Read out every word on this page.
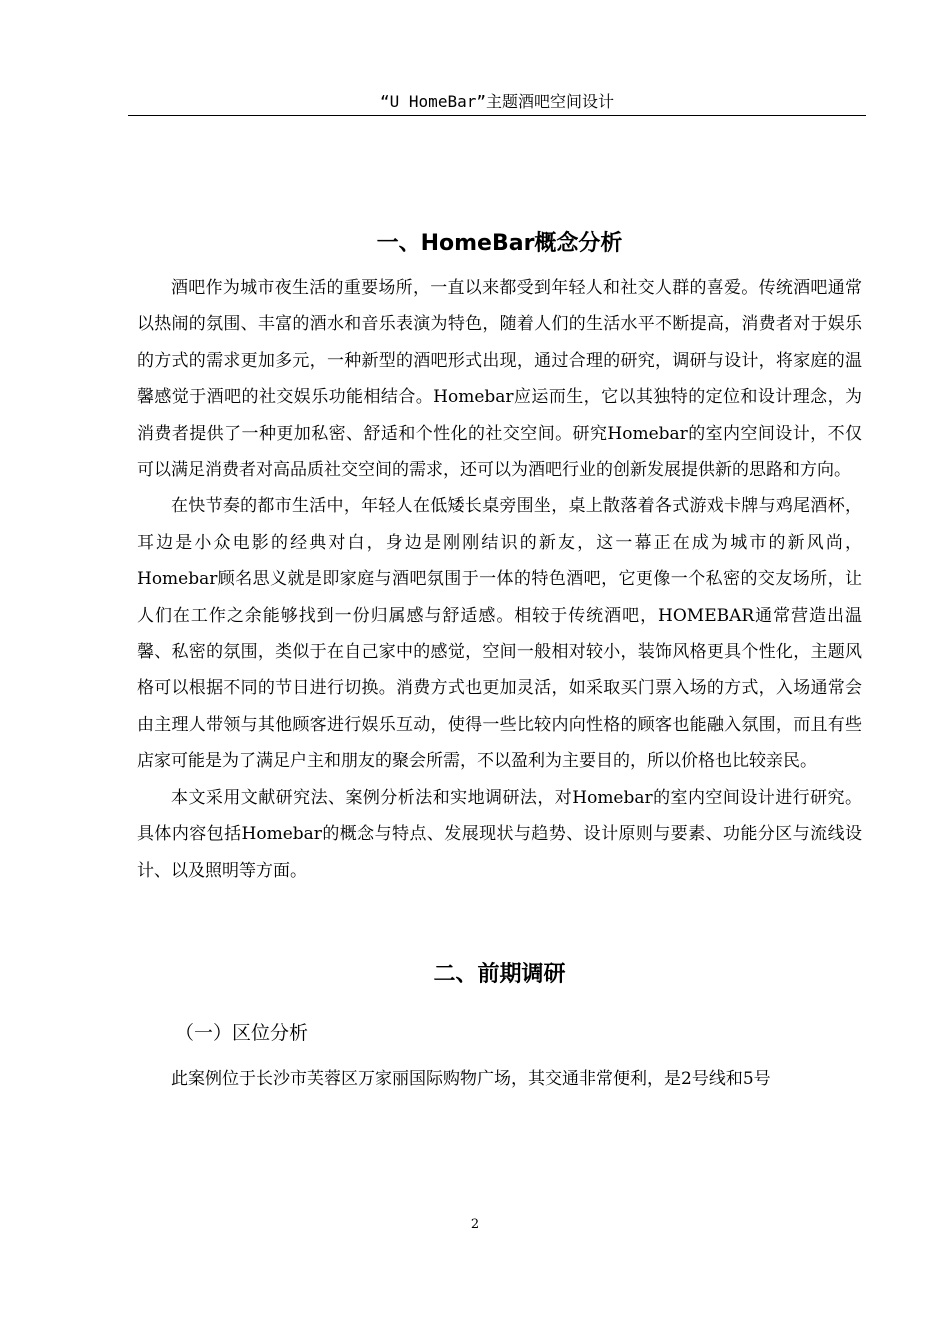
“U HomeBar”主题酒吧空间设计
一、HomeBar概念分析

酒吧作为城市夜生活的重要场所，一直以来都受到年轻人和社交人群的喜爱。传统酒吧通常以热闹的氛围、丰富的酒水和音乐表演为特色，随着人们的生活水平不断提高，消费者对于娱乐的方式的需求更加多元，一种新型的酒吧形式出现，通过合理的研究，调研与设计，将家庭的温馨感觉于酒吧的社交娱乐功能相结合。Homebar应运而生，它以其独特的定位和设计理念，为消费者提供了一种更加私密、舒适和个性化的社交空间。研究Homebar的室内空间设计，不仅可以满足消费者对高品质社交空间的需求，还可以为酒吧行业的创新发展提供新的思路和方向。

在快节奏的都市生活中，年轻人在低矮长桌旁围坐，桌上散落着各式游戏卡牌与鸡尾酒杯，耳边是小众电影的经典对白，身边是刚刚结识的新友，这一幕正在成为城市的新风尚，Homebar顾名思义就是即家庭与酒吧氛围于一体的特色酒吧，它更像一个私密的交友场所，让人们在工作之余能够找到一份归属感与舒适感。相较于传统酒吧，HOMEBAR通常营造出温馨、私密的氛围，类似于在自己家中的感觉，空间一般相对较小，装饰风格更具个性化，主题风格可以根据不同的节日进行切换。消费方式也更加灵活，如采取买门票入场的方式，入场通常会由主理人带领与其他顾客进行娱乐互动，使得一些比较内向性格的顾客也能融入氛围，而且有些店家可能是为了满足户主和朋友的聚会所需，不以盈利为主要目的，所以价格也比较亲民。

本文采用文献研究法、案例分析法和实地调研法，对Homebar的室内空间设计进行研究。具体内容包括Homebar的概念与特点、发展现状与趋势、设计原则与要素、功能分区与流线设计、以及照明等方面。

二、前期调研
（一）区位分析

此案例位于长沙市芙蓉区万家丽国际购物广场，其交通非常便利，是2号线和5号

2
